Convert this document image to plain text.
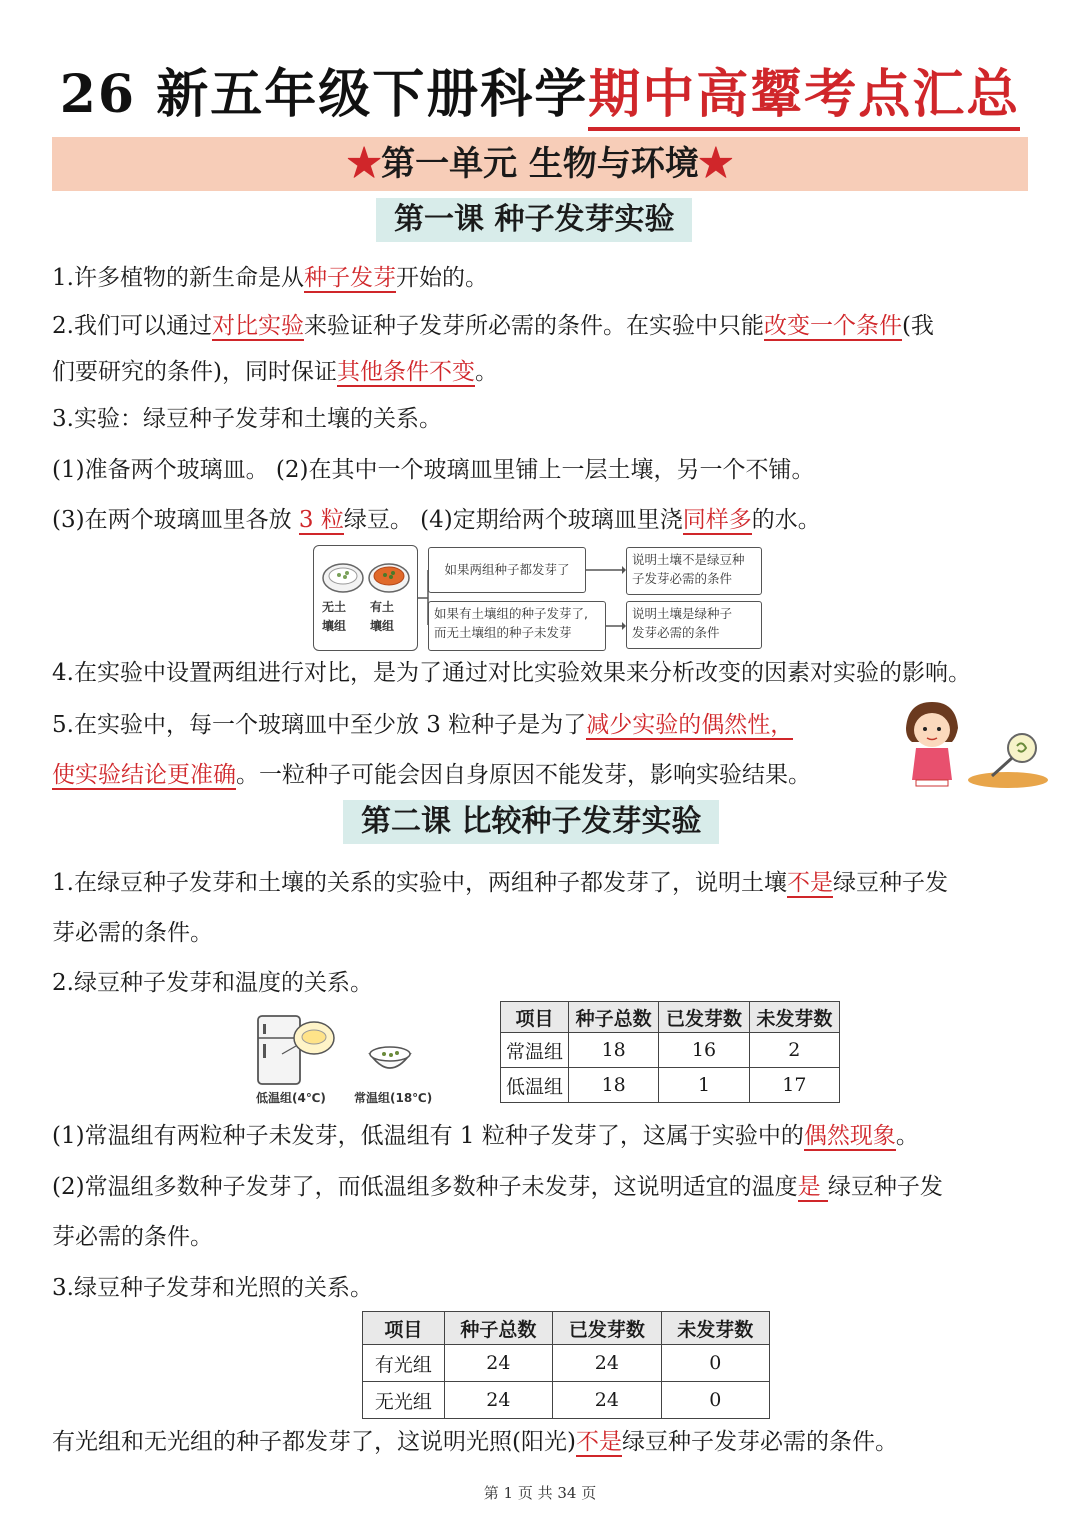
26 新五年级下册科学期中高颦考点汇总
★第一单元 生物与环境★
第一课 种子发芽实验
1.许多植物的新生命是从种子发芽开始的。
2.我们可以通过对比实验来验证种子发芽所必需的条件。在实验中只能改变一个条件(我
们要研究的条件)，同时保证其他条件不变。
3.实验：绿豆种子发芽和土壤的关系。
(1)准备两个玻璃皿。 (2)在其中一个玻璃皿里铺上一层土壤，另一个不铺。
(3)在两个玻璃皿里各放 3 粒绿豆。 (4)定期给两个玻璃皿里浇同样多的水。
无土
壤组
有土
壤组
如果两组种子都发芽了
如果有土壤组的种子发芽了,
而无土壤组的种子未发芽
说明土壤不是绿豆种
子发芽必需的条件
说明土壤是绿种子
发芽必需的条件
4.在实验中设置两组进行对比，是为了通过对比实验效果来分析改变的因素对实验的影响。
5.在实验中，每一个玻璃皿中至少放 3 粒种子是为了减少实验的偶然性，
使实验结论更准确。一粒种子可能会因自身原因不能发芽，影响实验结果。
第二课 比较种子发芽实验
1.在绿豆种子发芽和土壤的关系的实验中，两组种子都发芽了，说明土壤不是绿豆种子发
芽必需的条件。
2.绿豆种子发芽和温度的关系。
低温组(4℃) 常温组(18℃)
项目	种子总数	已发芽数	未发芽数
常温组	18	16	2
低温组	18	1	17
(1)常温组有两粒种子未发芽，低温组有 1 粒种子发芽了，这属于实验中的偶然现象。
(2)常温组多数种子发芽了，而低温组多数种子未发芽，这说明适宜的温度是 绿豆种子发
芽必需的条件。
3.绿豆种子发芽和光照的关系。
项目	种子总数	已发芽数	未发芽数
有光组	24	24	0
无光组	24	24	0
有光组和无光组的种子都发芽了，这说明光照(阳光)不是绿豆种子发芽必需的条件。
第 1 页 共 34 页
